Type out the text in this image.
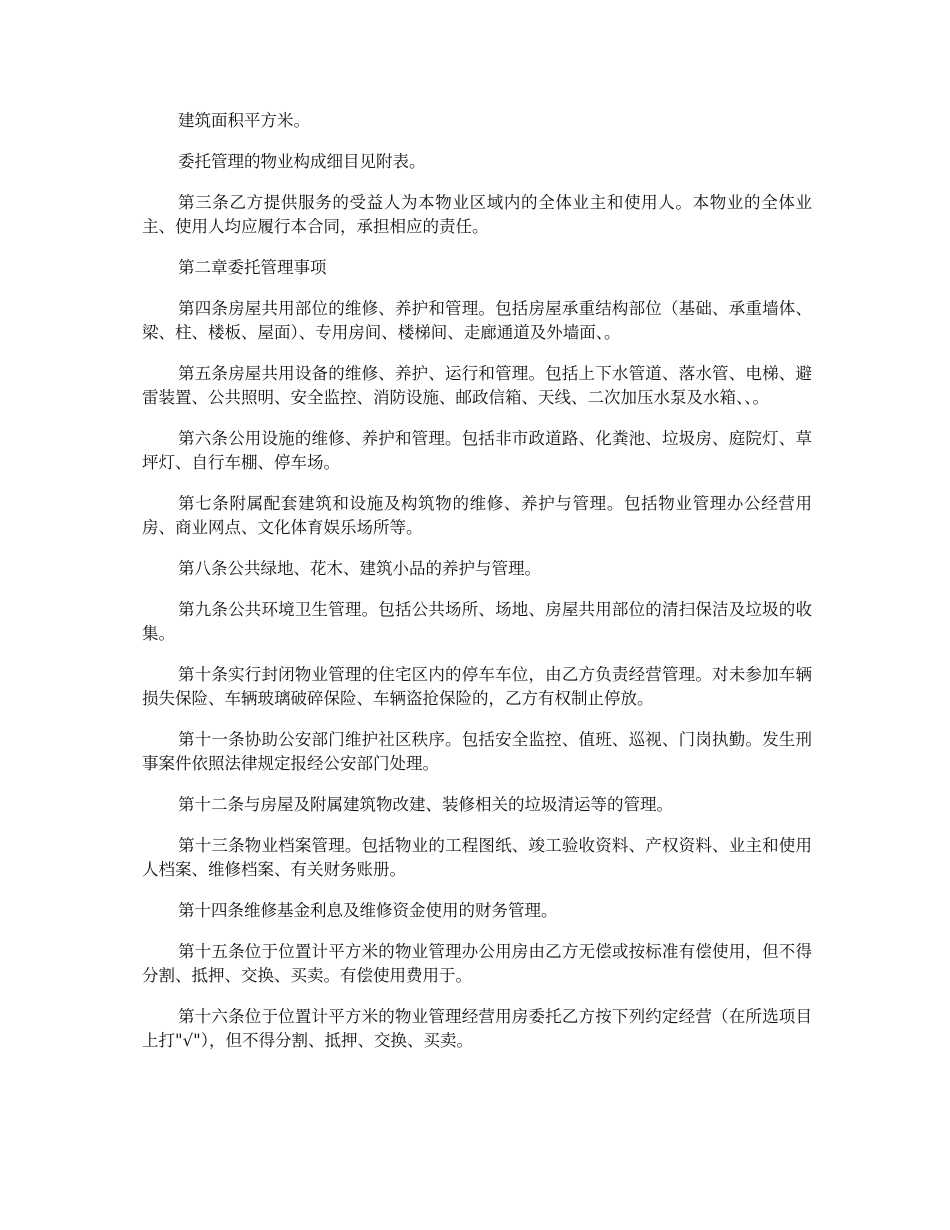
建筑面积平方米。

委托管理的物业构成细目见附表。

第三条乙方提供服务的受益人为本物业区域内的全体业主和使用人。本物业的全体业主、使用人均应履行本合同，承担相应的责任。

第二章委托管理事项

第四条房屋共用部位的维修、养护和管理。包括房屋承重结构部位（基础、承重墙体、梁、柱、楼板、屋面）、专用房间、楼梯间、走廊通道及外墙面、。

第五条房屋共用设备的维修、养护、运行和管理。包括上下水管道、落水管、电梯、避雷装置、公共照明、安全监控、消防设施、邮政信箱、天线、二次加压水泵及水箱、、。

第六条公用设施的维修、养护和管理。包括非市政道路、化粪池、垃圾房、庭院灯、草坪灯、自行车棚、停车场。

第七条附属配套建筑和设施及构筑物的维修、养护与管理。包括物业管理办公经营用房、商业网点、文化体育娱乐场所等。

第八条公共绿地、花木、建筑小品的养护与管理。

第九条公共环境卫生管理。包括公共场所、场地、房屋共用部位的清扫保洁及垃圾的收集。

第十条实行封闭物业管理的住宅区内的停车车位，由乙方负责经营管理。对未参加车辆损失保险、车辆玻璃破碎保险、车辆盗抢保险的，乙方有权制止停放。

第十一条协助公安部门维护社区秩序。包括安全监控、值班、巡视、门岗执勤。发生刑事案件依照法律规定报经公安部门处理。

第十二条与房屋及附属建筑物改建、装修相关的垃圾清运等的管理。

第十三条物业档案管理。包括物业的工程图纸、竣工验收资料、产权资料、业主和使用人档案、维修档案、有关财务账册。

第十四条维修基金利息及维修资金使用的财务管理。

第十五条位于位置计平方米的物业管理办公用房由乙方无偿或按标准有偿使用，但不得分割、抵押、交换、买卖。有偿使用费用于。

第十六条位于位置计平方米的物业管理经营用房委托乙方按下列约定经营（在所选项目上打"√"），但不得分割、抵押、交换、买卖。
